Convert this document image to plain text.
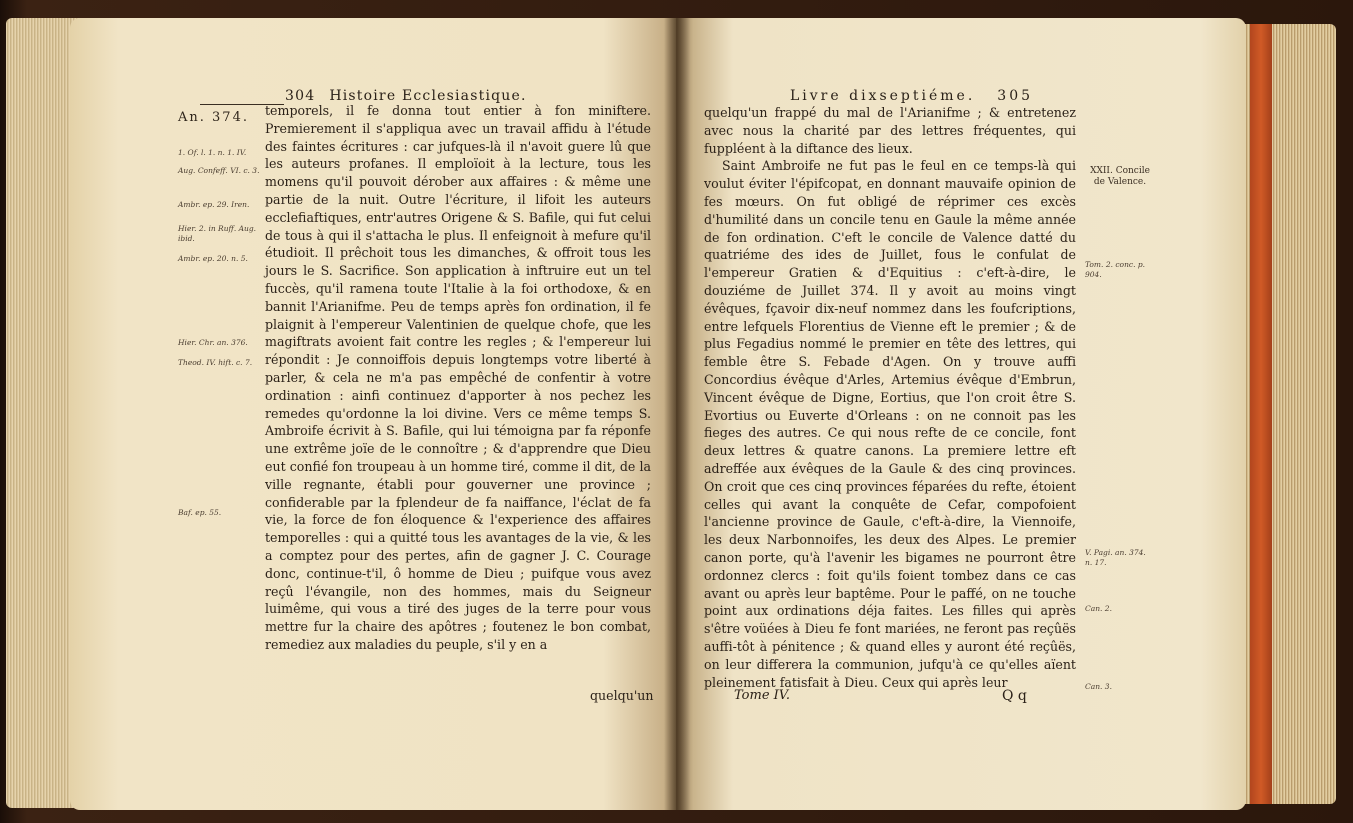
304 Histoire Ecclesiastique.
An. 374.
1. Of. l. 1. n. 1. IV.
Aug. Confeff. VI. c. 3.
Ambr. ep. 29. Iren.
Hier. 2. in Ruff. Aug. ibid.
Ambr. ep. 20. n. 5.
Hier. Chr. an. 376.
Theod. IV. hift. c. 7.
Baf. ep. 55.

temporels, il fe donna tout entier à fon miniftere. Premierement il s'appliqua avec un travail affidu à l'étude des faintes écritures : car jufques-là il n'avoit guere lû que les auteurs profanes. Il emploïoit à la lecture, tous les momens qu'il pouvoit dérober aux affaires : & même une partie de la nuit. Outre l'écriture, il lifoit les auteurs ecclefiaftiques, entr'autres Origene & S. Bafile, qui fut celui de tous à qui il s'attacha le plus. Il enfeignoit à mefure qu'il étudioit. Il prêchoit tous les dimanches, & offroit tous les jours le S. Sacrifice. Son application à inftruire eut un tel fuccès, qu'il ramena toute l'Italie à la foi orthodoxe, & en bannit l'Arianifme. Peu de temps après fon ordination, il fe plaignit à l'empereur Valentinien de quelque chofe, que les magiftrats avoient fait contre les regles ; & l'empereur lui répondit : Je connoiffois depuis longtemps votre liberté à parler, & cela ne m'a pas empêché de confentir à votre ordination : ainfi continuez d'apporter à nos pechez les remedes qu'ordonne la loi divine. Vers ce même temps S. Ambroife écrivit à S. Bafile, qui lui témoigna par fa réponfe une extrême joïe de le connoître ; & d'apprendre que Dieu eut confié fon troupeau à un homme tiré, comme il dit, de la ville regnante, établi pour gouverner une province ; confiderable par la fplendeur de fa naiffance, l'éclat de fa vie, la force de fon éloquence & l'experience des affaires temporelles : qui a quitté tous les avantages de la vie, & les a comptez pour des pertes, afin de gagner J. C. Courage donc, continue-t'il, ô homme de Dieu ; puifque vous avez reçû l'évangile, non des hommes, mais du Seigneur luimême, qui vous a tiré des juges de la terre pour vous mettre fur la chaire des apôtres ; foutenez le bon combat, remediez aux maladies du peuple, s'il y en a

quelqu'un
Livre dixseptiéme. 305

quelqu'un frappé du mal de l'Arianifme ; & entretenez avec nous la charité par des lettres fréquentes, qui fuppléent à la diftance des lieux.

Saint Ambroife ne fut pas le feul en ce temps-là qui voulut éviter l'épifcopat, en donnant mauvaife opinion de fes mœurs. On fut obligé de réprimer ces excès d'humilité dans un concile tenu en Gaule la même année de fon ordination. C'eft le concile de Valence datté du quatriéme des ides de Juillet, fous le confulat de l'empereur Gratien & d'Equitius : c'eft-à-dire, le douziéme de Juillet 374. Il y avoit au moins vingt évêques, fçavoir dix-neuf nommez dans les foufcriptions, entre lefquels Florentius de Vienne eft le premier ; & de plus Fegadius nommé le premier en tête des lettres, qui femble être S. Febade d'Agen. On y trouve auffi Concordius évêque d'Arles, Artemius évêque d'Embrun, Vincent évêque de Digne, Eortius, que l'on croit être S. Evortius ou Euverte d'Orleans : on ne connoit pas les fieges des autres. Ce qui nous refte de ce concile, font deux lettres & quatre canons. La premiere lettre eft adreffée aux évêques de la Gaule & des cinq provinces. On croit que ces cinq provinces féparées du refte, étoient celles qui avant la conquête de Cefar, compofoient l'ancienne province de Gaule, c'eft-à-dire, la Viennoife, les deux Narbonnoifes, les deux des Alpes. Le premier canon porte, qu'à l'avenir les bigames ne pourront être ordonnez clercs : foit qu'ils foient tombez dans ce cas avant ou après leur baptême. Pour le paffé, on ne touche point aux ordinations déja faites. Les filles qui après s'être voüées à Dieu fe font mariées, ne feront pas reçûës auffi-tôt à pénitence ; & quand elles y auront été reçûës, on leur differera la communion, jufqu'à ce qu'elles aïent pleinement fatisfait à Dieu. Ceux qui après leur

XXII. Concile de Valence.
Tom. 2. conc. p. 904.
V. Pagi. an. 374. n. 17.
Can. 2.
Can. 3.
Tome IV.	Q q
